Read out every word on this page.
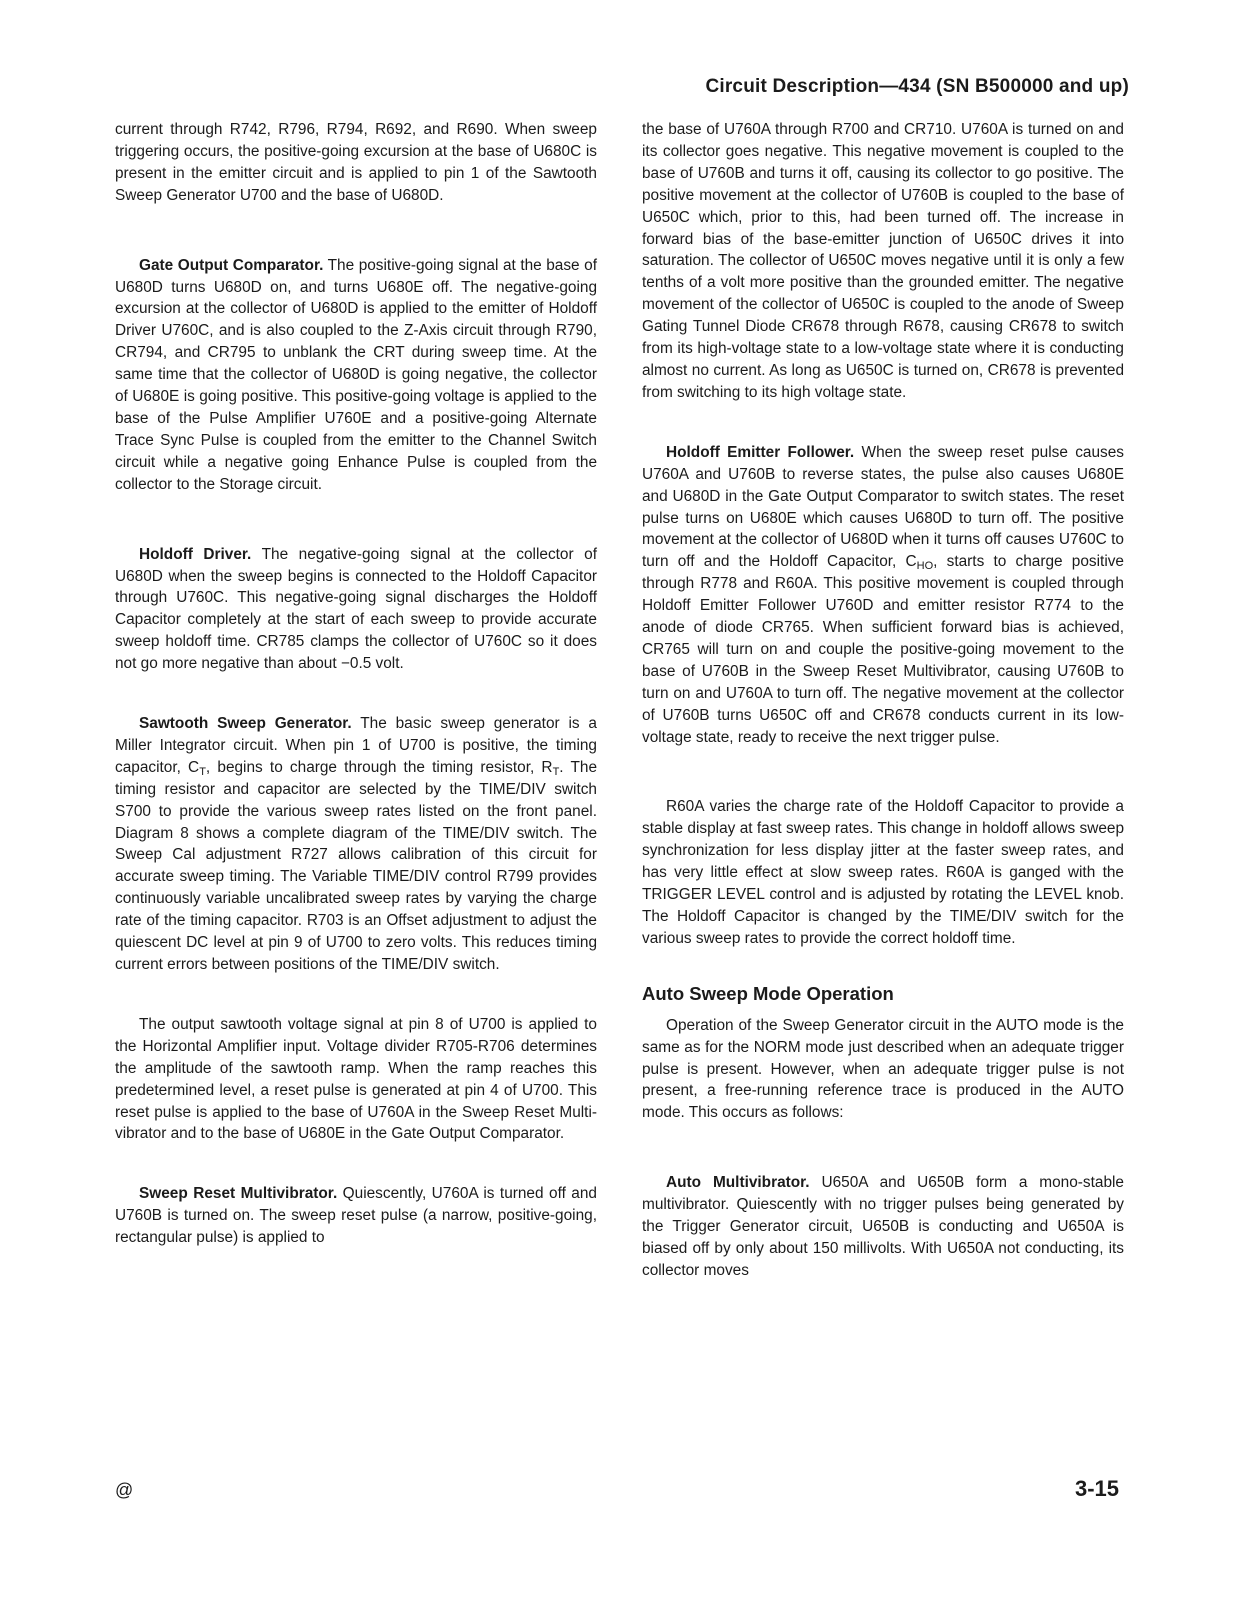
Circuit Description—434 (SN B500000 and up)

current through R742, R796, R794, R692, and R690. When sweep triggering occurs, the positive-going excursion at the base of U680C is present in the emitter circuit and is applied to pin 1 of the Sawtooth Sweep Generator U700 and the base of U680D.

Gate Output Comparator. The positive-going signal at the base of U680D turns U680D on, and turns U680E off. The negative-going excursion at the collector of U680D is applied to the emitter of Holdoff Driver U760C, and is also coupled to the Z-Axis circuit through R790, CR794, and CR795 to unblank the CRT during sweep time. At the same time that the collector of U680D is going negative, the collector of U680E is going positive. This positive-going voltage is applied to the base of the Pulse Amplifier U760E and a positive-going Alternate Trace Sync Pulse is coupled from the emitter to the Channel Switch circuit while a negative going Enhance Pulse is coupled from the collector to the Storage circuit.

Holdoff Driver. The negative-going signal at the collector of U680D when the sweep begins is connected to the Holdoff Capacitor through U760C. This negative-going signal discharges the Holdoff Capacitor completely at the start of each sweep to provide accurate sweep holdoff time. CR785 clamps the collector of U760C so it does not go more negative than about −0.5 volt.

Sawtooth Sweep Generator. The basic sweep generator is a Miller Integrator circuit. When pin 1 of U700 is positive, the timing capacitor, $C_T$, begins to charge through the timing resistor, $R_T$. The timing resistor and capacitor are selected by the TIME/DIV switch S700 to provide the various sweep rates listed on the front panel. Diagram 8 shows a complete diagram of the TIME/DIV switch. The Sweep Cal adjustment R727 allows calibration of this circuit for accurate sweep timing. The Variable TIME/DIV control R799 provides continuously variable uncalibrated sweep rates by varying the charge rate of the timing capacitor. R703 is an Offset adjustment to adjust the quiescent DC level at pin 9 of U700 to zero volts. This reduces timing current errors between positions of the TIME/DIV switch.

The output sawtooth voltage signal at pin 8 of U700 is applied to the Horizontal Amplifier input. Voltage divider R705-R706 determines the amplitude of the sawtooth ramp. When the ramp reaches this predetermined level, a reset pulse is generated at pin 4 of U700. This reset pulse is applied to the base of U760A in the Sweep Reset Multi-vibrator and to the base of U680E in the Gate Output Comparator.

Sweep Reset Multivibrator. Quiescently, U760A is turned off and U760B is turned on. The sweep reset pulse (a narrow, positive-going, rectangular pulse) is applied to

the base of U760A through R700 and CR710. U760A is turned on and its collector goes negative. This negative movement is coupled to the base of U760B and turns it off, causing its collector to go positive. The positive movement at the collector of U760B is coupled to the base of U650C which, prior to this, had been turned off. The increase in forward bias of the base-emitter junction of U650C drives it into saturation. The collector of U650C moves negative until it is only a few tenths of a volt more positive than the grounded emitter. The negative movement of the collector of U650C is coupled to the anode of Sweep Gating Tunnel Diode CR678 through R678, causing CR678 to switch from its high-voltage state to a low-voltage state where it is conducting almost no current. As long as U650C is turned on, CR678 is prevented from switching to its high voltage state.

Holdoff Emitter Follower. When the sweep reset pulse causes U760A and U760B to reverse states, the pulse also causes U680E and U680D in the Gate Output Comparator to switch states. The reset pulse turns on U680E which causes U680D to turn off. The positive movement at the collector of U680D when it turns off causes U760C to turn off and the Holdoff Capacitor, $C_{HO}$, starts to charge positive through R778 and R60A. This positive movement is coupled through Holdoff Emitter Follower U760D and emitter resistor R774 to the anode of diode CR765. When sufficient forward bias is achieved, CR765 will turn on and couple the positive-going movement to the base of U760B in the Sweep Reset Multivibrator, causing U760B to turn on and U760A to turn off. The negative movement at the collector of U760B turns U650C off and CR678 conducts current in its low-voltage state, ready to receive the next trigger pulse.

R60A varies the charge rate of the Holdoff Capacitor to provide a stable display at fast sweep rates. This change in holdoff allows sweep synchronization for less display jitter at the faster sweep rates, and has very little effect at slow sweep rates. R60A is ganged with the TRIGGER LEVEL control and is adjusted by rotating the LEVEL knob. The Holdoff Capacitor is changed by the TIME/DIV switch for the various sweep rates to provide the correct holdoff time.

Auto Sweep Mode Operation

Operation of the Sweep Generator circuit in the AUTO mode is the same as for the NORM mode just described when an adequate trigger pulse is present. However, when an adequate trigger pulse is not present, a free-running reference trace is produced in the AUTO mode. This occurs as follows:

Auto Multivibrator. U650A and U650B form a mono-stable multivibrator. Quiescently with no trigger pulses being generated by the Trigger Generator circuit, U650B is conducting and U650A is biased off by only about 150 millivolts. With U650A not conducting, its collector moves

@	3-15
